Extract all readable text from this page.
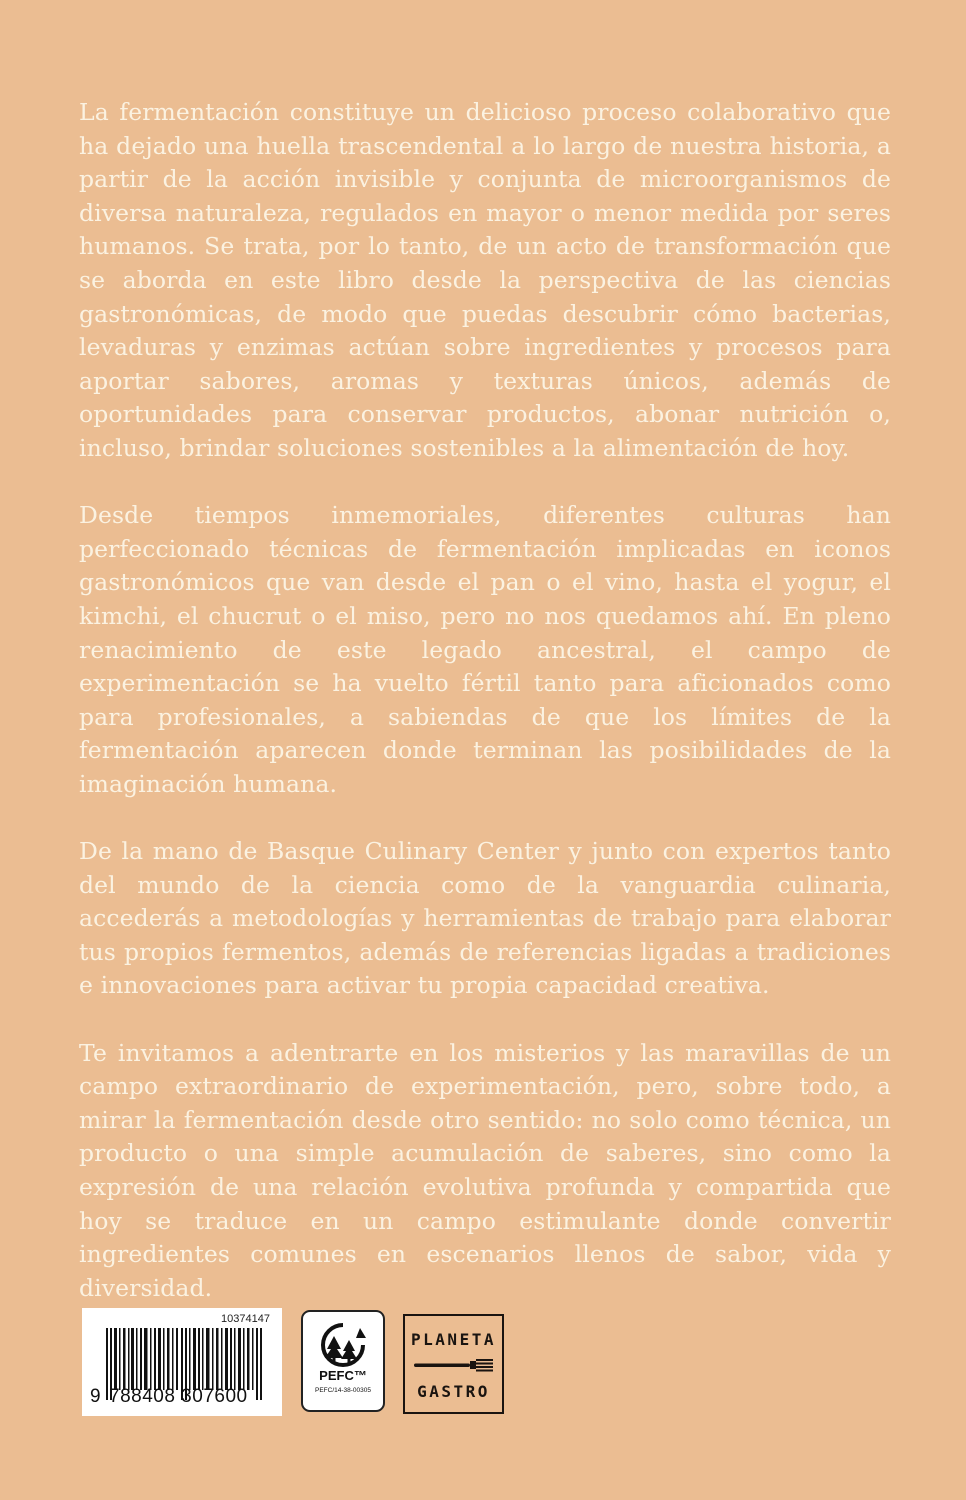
La fermentación constituye un delicioso proceso colaborativo que ha dejado una huella trascendental a lo largo de nuestra historia, a partir de la acción invisible y conjunta de microorganismos de diversa naturaleza, regulados en mayor o menor medida por seres humanos. Se trata, por lo tanto, de un acto de transformación que se aborda en este libro desde la perspectiva de las ciencias gastronómicas, de modo que puedas descubrir cómo bacterias, levaduras y enzimas actúan sobre ingredientes y procesos para aportar sabores, aromas y texturas únicos, además de oportunidades para conservar productos, abonar nutrición o, incluso, brindar soluciones sostenibles a la alimentación de hoy.

Desde tiempos inmemoriales, diferentes culturas han perfeccionado técnicas de fermentación implicadas en iconos gastronómicos que van desde el pan o el vino, hasta el yogur, el kimchi, el chucrut o el miso, pero no nos quedamos ahí. En pleno renacimiento de este legado ancestral, el campo de experimentación se ha vuelto fértil tanto para aficionados como para profesionales, a sabiendas de que los límites de la fermentación aparecen donde terminan las posibilidades de la imaginación humana.

De la mano de Basque Culinary Center y junto con expertos tanto del mundo de la ciencia como de la vanguardia culinaria, accederás a metodologías y herramientas de trabajo para elaborar tus propios fermentos, además de referencias ligadas a tradiciones e innovaciones para activar tu propia capacidad creativa.

Te invitamos a adentrarte en los misterios y las maravillas de un campo extraordinario de experimentación, pero, sobre todo, a mirar la fermentación desde otro sentido: no solo como técnica, un producto o una simple acumulación de saberes, sino como la expresión de una relación evolutiva profunda y compartida que hoy se traduce en un campo estimulante donde convertir ingredientes comunes en escenarios llenos de sabor, vida y diversidad.

10374147
9 788408 307600
PEFC™
PEFC/14-38-00305
PLANETA
GASTRO
